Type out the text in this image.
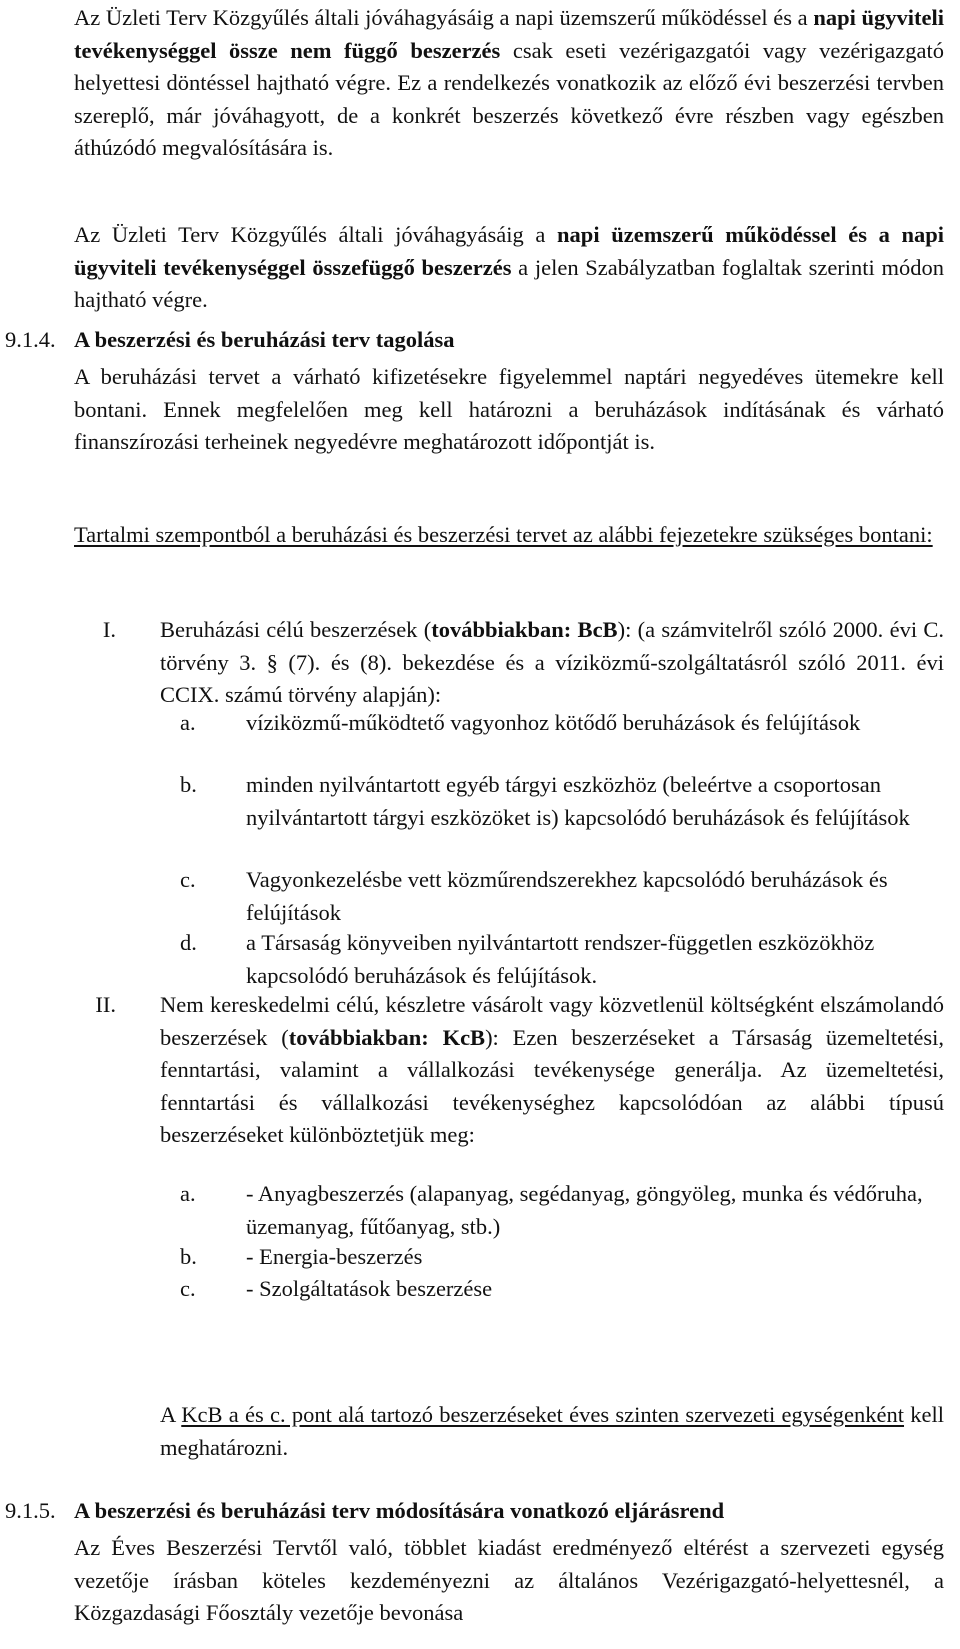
Az Üzleti Terv Közgyűlés általi jóváhagyásáig a napi üzemszerű működéssel és a napi ügyviteli tevékenységgel össze nem függő beszerzés csak eseti vezérigazgatói vagy vezérigazgató helyettesi döntéssel hajtható végre. Ez a rendelkezés vonatkozik az előző évi beszerzési tervben szereplő, már jóváhagyott, de a konkrét beszerzés következő évre részben vagy egészben áthúzódó megvalósítására is.

Az Üzleti Terv Közgyűlés általi jóváhagyásáig a napi üzemszerű működéssel és a napi ügyviteli tevékenységgel összefüggő beszerzés a jelen Szabályzatban foglaltak szerinti módon hajtható végre.

9.1.4. A beszerzési és beruházási terv tagolása

A beruházási tervet a várható kifizetésekre figyelemmel naptári negyedéves ütemekre kell bontani. Ennek megfelelően meg kell határozni a beruházások indításának és várható finanszírozási terheinek negyedévre meghatározott időpontját is.

Tartalmi szempontból a beruházási és beszerzési tervet az alábbi fejezetekre szükséges bontani:

I. Beruházási célú beszerzések (továbbiakban: BcB): (a számvitelről szóló 2000. évi C. törvény 3. § (7). és (8). bekezdése és a víziközmű-szolgáltatásról szóló 2011. évi CCIX. számú törvény alapján):

a. víziközmű-működtető vagyonhoz kötődő beruházások és felújítások

b. minden nyilvántartott egyéb tárgyi eszközhöz (beleértve a csoportosan nyilvántartott tárgyi eszközöket is) kapcsolódó beruházások és felújítások

c. Vagyonkezelésbe vett közműrendszerekhez kapcsolódó beruházások és felújítások

d. a Társaság könyveiben nyilvántartott rendszer-független eszközökhöz kapcsolódó beruházások és felújítások.

II. Nem kereskedelmi célú, készletre vásárolt vagy közvetlenül költségként elszámolandó beszerzések (továbbiakban: KcB): Ezen beszerzéseket a Társaság üzemeltetési, fenntartási, valamint a vállalkozási tevékenysége generálja. Az üzemeltetési, fenntartási és vállalkozási tevékenységhez kapcsolódóan az alábbi típusú beszerzéseket különböztetjük meg:

a. - Anyagbeszerzés (alapanyag, segédanyag, göngyöleg, munka és védőruha, üzemanyag, fűtőanyag, stb.)

b. - Energia-beszerzés

c. - Szolgáltatások beszerzése

A KcB a és c. pont alá tartozó beszerzéseket éves szinten szervezeti egységenként kell meghatározni.

9.1.5. A beszerzési és beruházási terv módosítására vonatkozó eljárásrend

Az Éves Beszerzési Tervtől való, többlet kiadást eredményező eltérést a szervezeti egység vezetője írásban köteles kezdeményezni az általános Vezérigazgató-helyettesnél, a Közgazdasági Főosztály vezetője bevonása
